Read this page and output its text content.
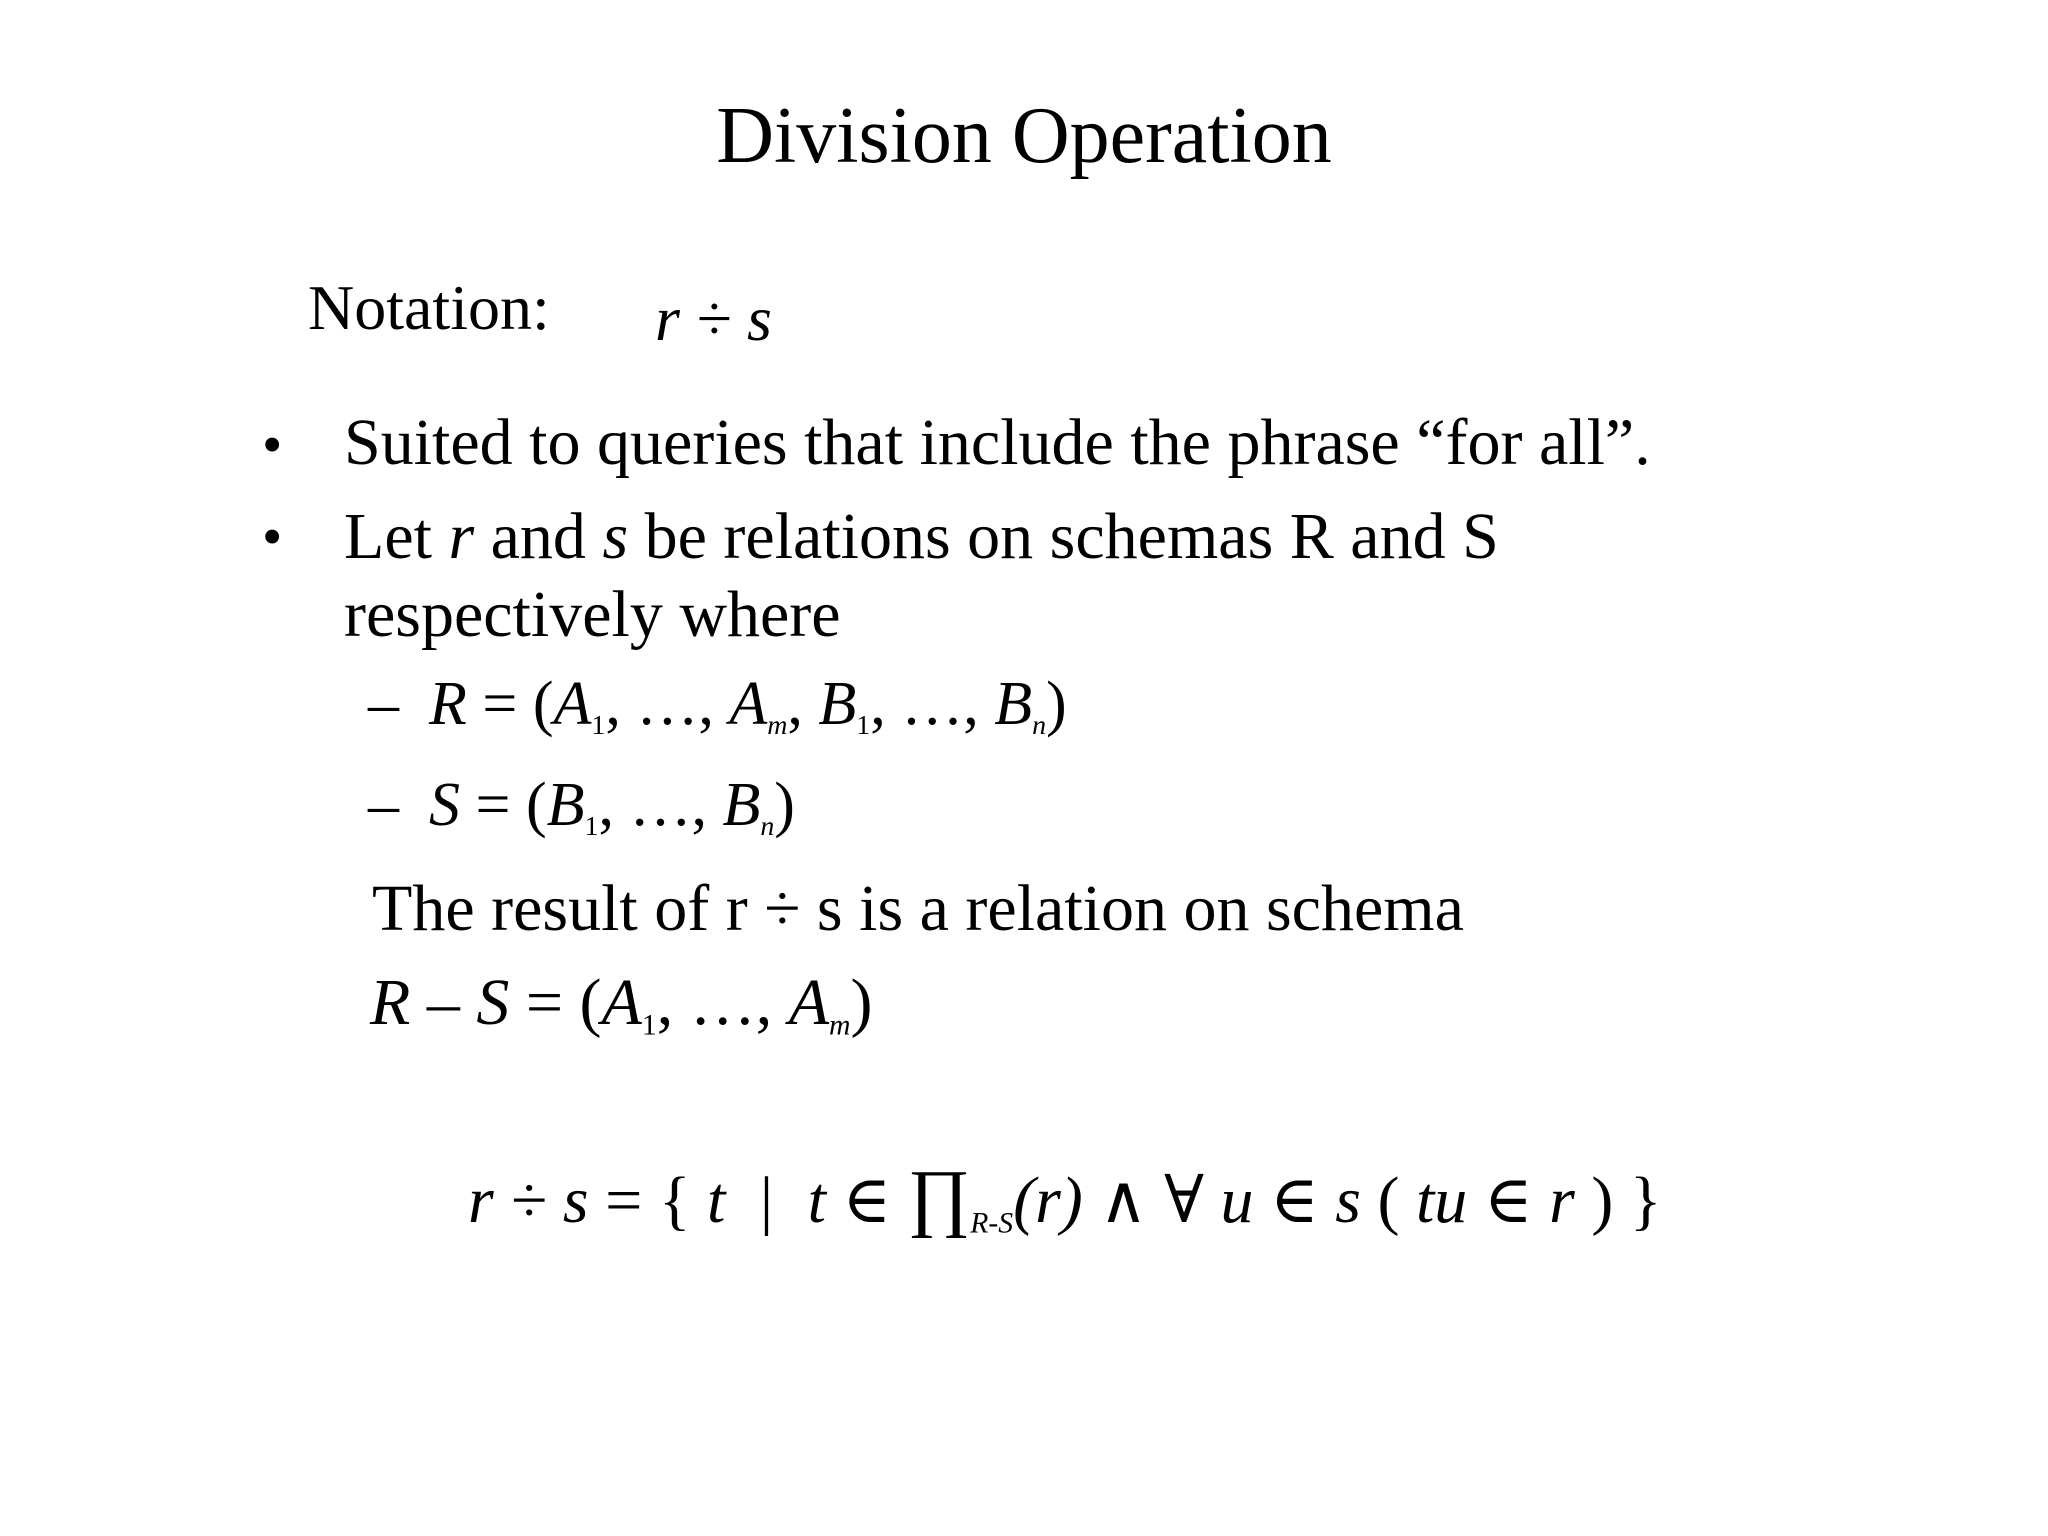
Division Operation
Notation: r ÷ s
• Suited to queries that include the phrase “for all”.
• Let r and s be relations on schemas R and S
respectively where
– $R = (A_1$, …, $A_m$, $B_1$, …, $B_n$)
– $S = (B_1$, …, $B_n$)
The result of r ÷ s is a relation on schema
$R - S = (A_1$, …, $A_m$)
r ÷ s = { t | t ∈ $\prod_{R-S}(r)$ ∧ ∀ u ∈ s ( tu ∈ r ) }
